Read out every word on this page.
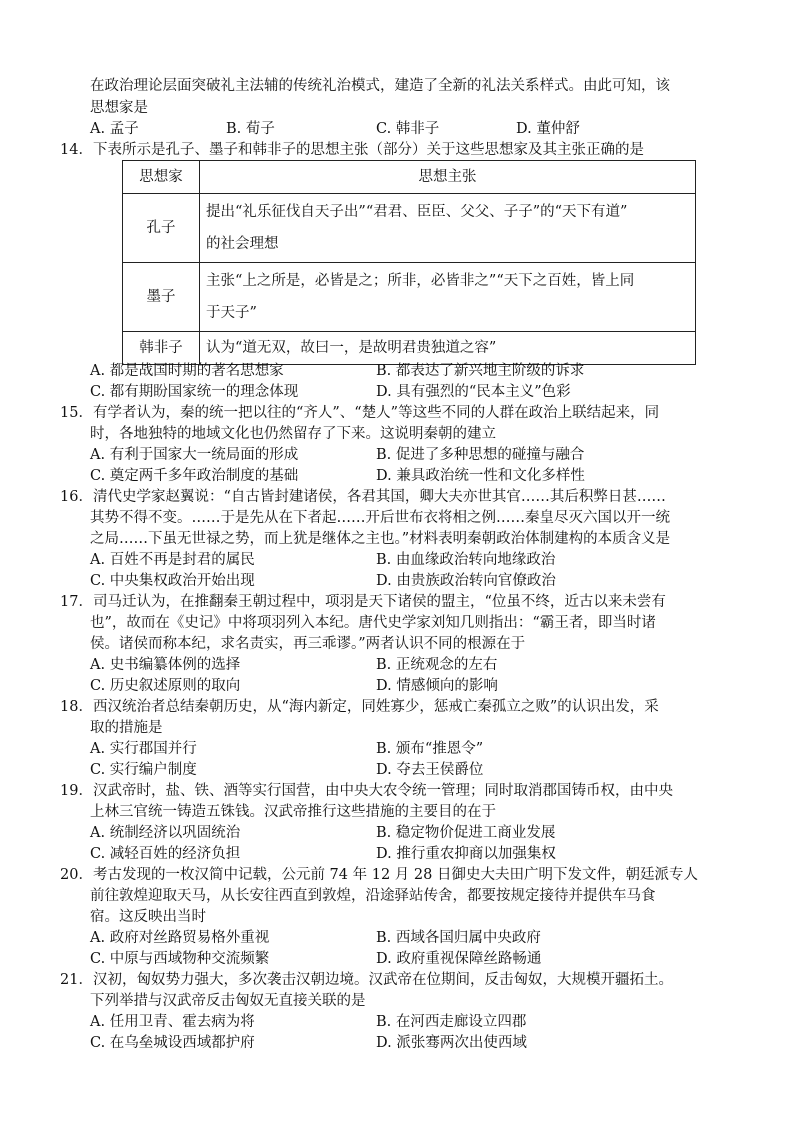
在政治理论层面突破礼主法辅的传统礼治模式，建造了全新的礼法关系样式。由此可知，该
思想家是
A. 孟子	B. 荀子	C. 韩非子	D. 董仲舒
14．下表所示是孔子、墨子和韩非子的思想主张（部分）关于这些思想家及其主张正确的是
思想家	思想主张
孔子	提出“礼乐征伐自天子出”“君君、臣臣、父父、子子”的“天下有道”
的社会理想

墨子	主张“上之所是，必皆是之；所非，必皆非之”“天下之百姓，皆上同
于天子”

韩非子	认为“道无双，故曰一，是故明君贵独道之容”
A. 都是战国时期的著名思想家	B. 都表达了新兴地主阶级的诉求
C. 都有期盼国家统一的理念体现	D. 具有强烈的“民本主义”色彩
15．有学者认为，秦的统一把以往的“齐人”、“楚人”等这些不同的人群在政治上联结起来，同
时，各地独特的地域文化也仍然留存了下来。这说明秦朝的建立
A. 有利于国家大一统局面的形成	B. 促进了多种思想的碰撞与融合
C. 奠定两千多年政治制度的基础	D. 兼具政治统一性和文化多样性
16．清代史学家赵翼说：“自古皆封建诸侯，各君其国，卿大夫亦世其官……其后积弊日甚……
其势不得不变。……于是先从在下者起……开后世布衣将相之例……秦皇尽灭六国以开一统
之局……下虽无世禄之势，而上犹是继体之主也。”材料表明秦朝政治体制建构的本质含义是
A. 百姓不再是封君的属民	B. 由血缘政治转向地缘政治
C. 中央集权政治开始出现	D. 由贵族政治转向官僚政治
17．司马迁认为，在推翻秦王朝过程中，项羽是天下诸侯的盟主，“位虽不终，近古以来未尝有
也”，故而在《史记》中将项羽列入本纪。唐代史学家刘知几则指出：“霸王者，即当时诸
侯。诸侯而称本纪，求名责实，再三乖谬。”两者认识不同的根源在于
A. 史书编纂体例的选择	B. 正统观念的左右
C. 历史叙述原则的取向	D. 情感倾向的影响
18．西汉统治者总结秦朝历史，从“海内新定，同姓寡少，惩戒亡秦孤立之败”的认识出发，采
取的措施是
A. 实行郡国并行	B. 颁布“推恩令”
C. 实行编户制度	D. 夺去王侯爵位
19．汉武帝时，盐、铁、酒等实行国营，由中央大农令统一管理；同时取消郡国铸币权，由中央
上林三官统一铸造五铢钱。汉武帝推行这些措施的主要目的在于
A. 统制经济以巩固统治	B. 稳定物价促进工商业发展
C. 减轻百姓的经济负担	D. 推行重农抑商以加强集权
20．考古发现的一枚汉简中记载，公元前 74 年 12 月 28 日御史大夫田广明下发文件，朝廷派专人
前往敦煌迎取天马，从长安往西直到敦煌，沿途驿站传舍，都要按规定接待并提供车马食
宿。这反映出当时
A. 政府对丝路贸易格外重视	B. 西域各国归属中央政府
C. 中原与西域物种交流频繁	D. 政府重视保障丝路畅通
21．汉初，匈奴势力强大，多次袭击汉朝边境。汉武帝在位期间，反击匈奴，大规模开疆拓土。
下列举措与汉武帝反击匈奴无直接关联的是
A. 任用卫青、霍去病为将	B. 在河西走廊设立四郡
C. 在乌垒城设西域都护府	D. 派张骞两次出使西域
